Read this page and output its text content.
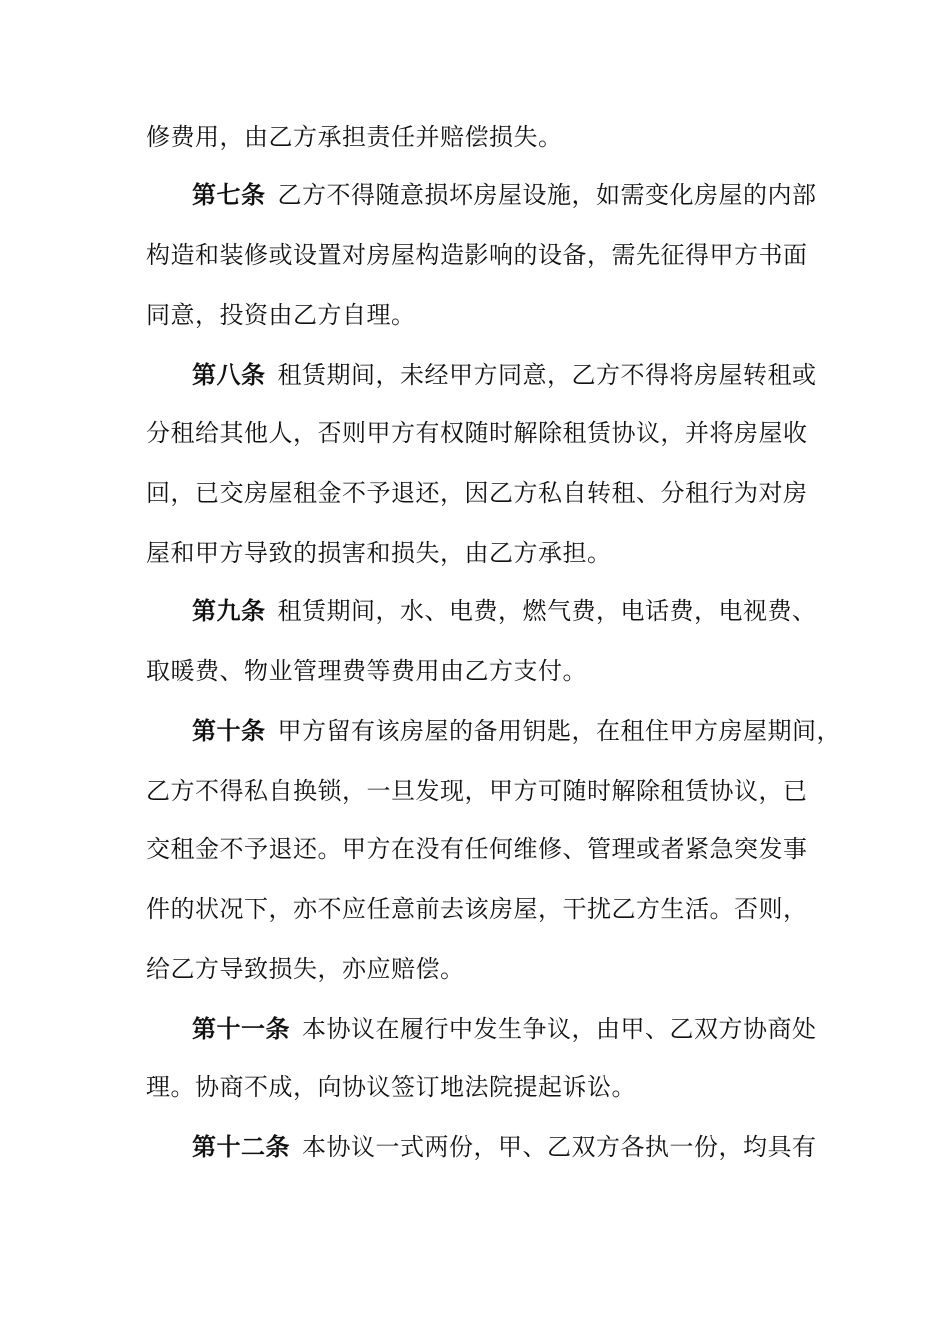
修费用，由乙方承担责任并赔偿损失。
第七条 乙方不得随意损坏房屋设施，如需变化房屋的内部
构造和装修或设置对房屋构造影响的设备，需先征得甲方书面
同意，投资由乙方自理。
第八条 租赁期间，未经甲方同意，乙方不得将房屋转租或
分租给其他人，否则甲方有权随时解除租赁协议，并将房屋收
回，已交房屋租金不予退还，因乙方私自转租、分租行为对房
屋和甲方导致的损害和损失，由乙方承担。
第九条 租赁期间，水、电费，燃气费，电话费，电视费、
取暖费、物业管理费等费用由乙方支付。
第十条 甲方留有该房屋的备用钥匙，在租住甲方房屋期间，
乙方不得私自换锁，一旦发现，甲方可随时解除租赁协议，已
交租金不予退还。甲方在没有任何维修、管理或者紧急突发事
件的状况下，亦不应任意前去该房屋，干扰乙方生活。否则，
给乙方导致损失，亦应赔偿。
第十一条 本协议在履行中发生争议，由甲、乙双方协商处
理。协商不成，向协议签订地法院提起诉讼。
第十二条 本协议一式两份，甲、乙双方各执一份，均具有
